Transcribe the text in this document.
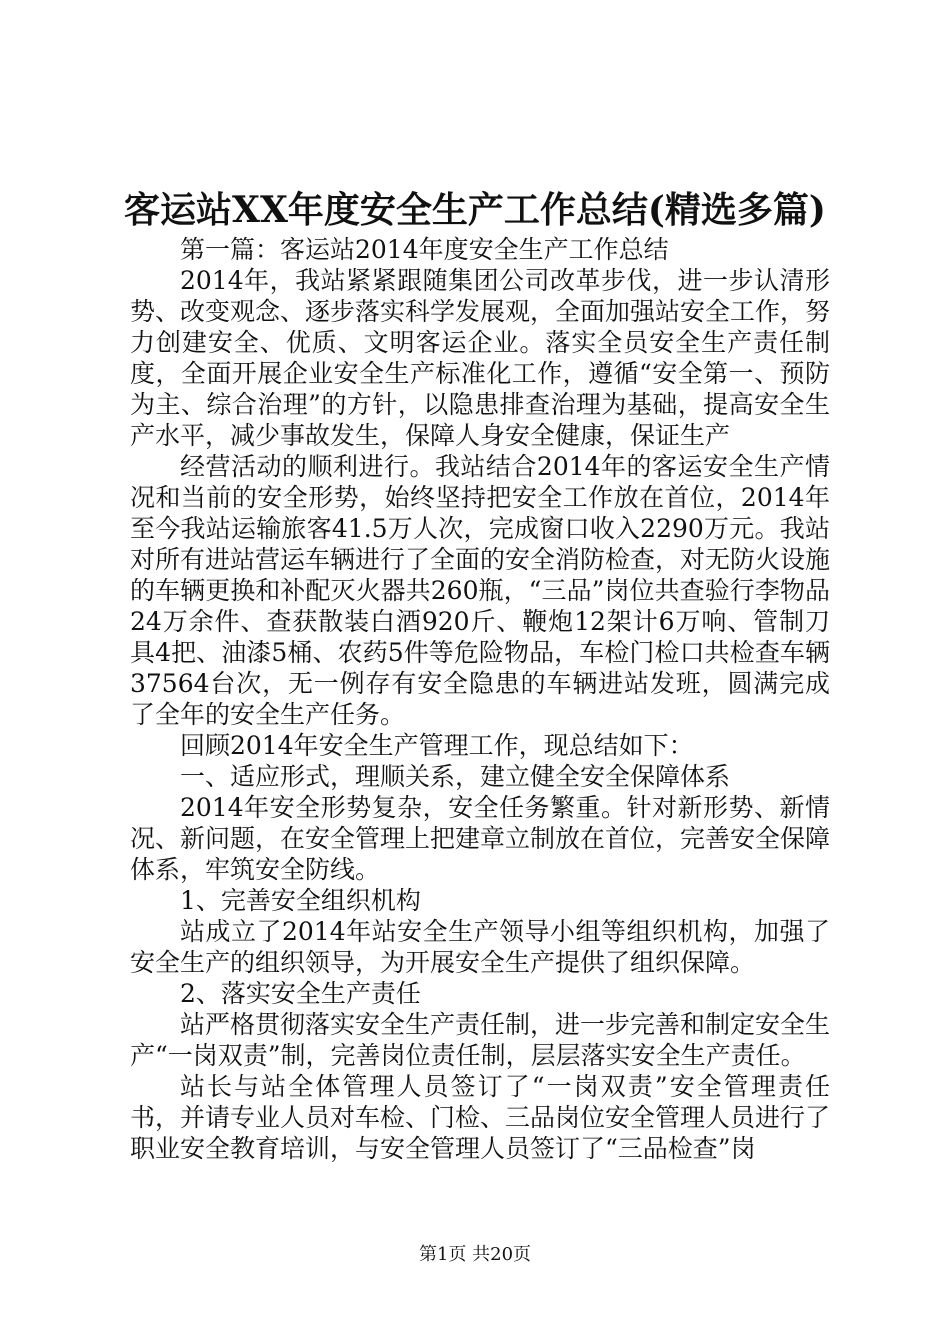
客运站XX年度安全生产工作总结(精选多篇)

第一篇：客运站2014年度安全生产工作总结

2014年，我站紧紧跟随集团公司改革步伐，进一步认清形势、改变观念、逐步落实科学发展观，全面加强站安全工作，努力创建安全、优质、文明客运企业。落实全员安全生产责任制度，全面开展企业安全生产标准化工作，遵循“安全第一、预防为主、综合治理”的方针，以隐患排查治理为基础，提高安全生产水平，减少事故发生，保障人身安全健康，保证生产

经营活动的顺利进行。我站结合2014年的客运安全生产情况和当前的安全形势，始终坚持把安全工作放在首位，2014年至今我站运输旅客41.5万人次，完成窗口收入2290万元。我站对所有进站营运车辆进行了全面的安全消防检查，对无防火设施的车辆更换和补配灭火器共260瓶，“三品”岗位共查验行李物品24万余件、查获散装白酒920斤、鞭炮12架计6万响、管制刀具4把、油漆5桶、农药5件等危险物品，车检门检口共检查车辆37564台次，无一例存有安全隐患的车辆进站发班，圆满完成了全年的安全生产任务。

回顾2014年安全生产管理工作，现总结如下：

一、适应形式，理顺关系，建立健全安全保障体系

2014年安全形势复杂，安全任务繁重。针对新形势、新情况、新问题，在安全管理上把建章立制放在首位，完善安全保障体系，牢筑安全防线。

1、完善安全组织机构

站成立了2014年站安全生产领导小组等组织机构，加强了安全生产的组织领导，为开展安全生产提供了组织保障。

2、落实安全生产责任

站严格贯彻落实安全生产责任制，进一步完善和制定安全生产“一岗双责”制，完善岗位责任制，层层落实安全生产责任。

站长与站全体管理人员签订了“一岗双责”安全管理责任书，并请专业人员对车检、门检、三品岗位安全管理人员进行了职业安全教育培训，与安全管理人员签订了“三品检查”岗

第1页 共20页
